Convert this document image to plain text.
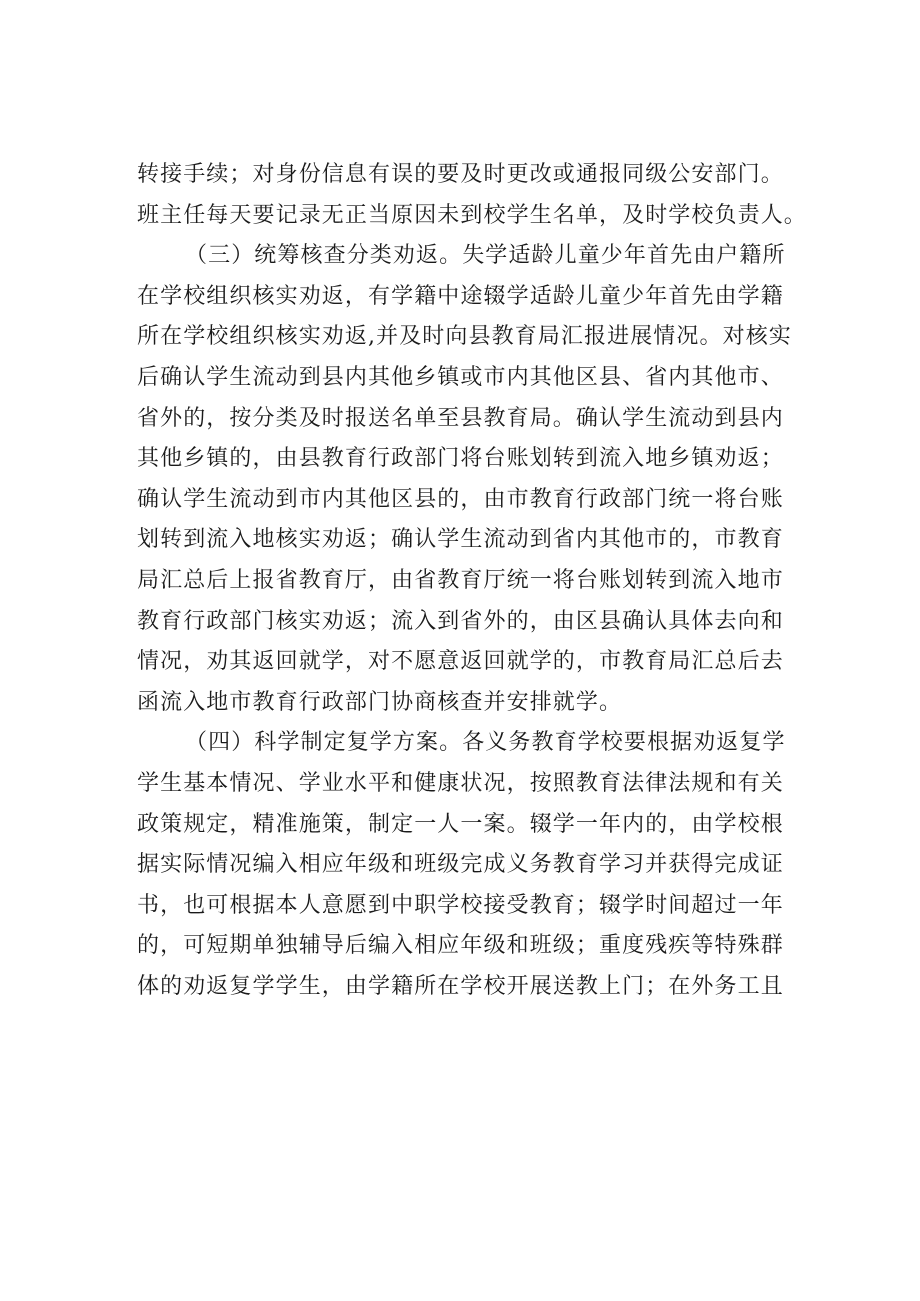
转接手续；对身份信息有误的要及时更改或通报同级公安部门。
班主任每天要记录无正当原因未到校学生名单，及时学校负责人。
（三）统筹核查分类劝返。失学适龄儿童少年首先由户籍所
在学校组织核实劝返，有学籍中途辍学适龄儿童少年首先由学籍
所在学校组织核实劝返,并及时向县教育局汇报进展情况。对核实
后确认学生流动到县内其他乡镇或市内其他区县、省内其他市、
省外的，按分类及时报送名单至县教育局。确认学生流动到县内
其他乡镇的，由县教育行政部门将台账划转到流入地乡镇劝返；
确认学生流动到市内其他区县的，由市教育行政部门统一将台账
划转到流入地核实劝返；确认学生流动到省内其他市的，市教育
局汇总后上报省教育厅，由省教育厅统一将台账划转到流入地市
教育行政部门核实劝返；流入到省外的，由区县确认具体去向和
情况，劝其返回就学，对不愿意返回就学的，市教育局汇总后去
函流入地市教育行政部门协商核查并安排就学。
（四）科学制定复学方案。各义务教育学校要根据劝返复学
学生基本情况、学业水平和健康状况，按照教育法律法规和有关
政策规定，精准施策，制定一人一案。辍学一年内的，由学校根
据实际情况编入相应年级和班级完成义务教育学习并获得完成证
书，也可根据本人意愿到中职学校接受教育；辍学时间超过一年
的，可短期单独辅导后编入相应年级和班级；重度残疾等特殊群
体的劝返复学学生，由学籍所在学校开展送教上门；在外务工且
